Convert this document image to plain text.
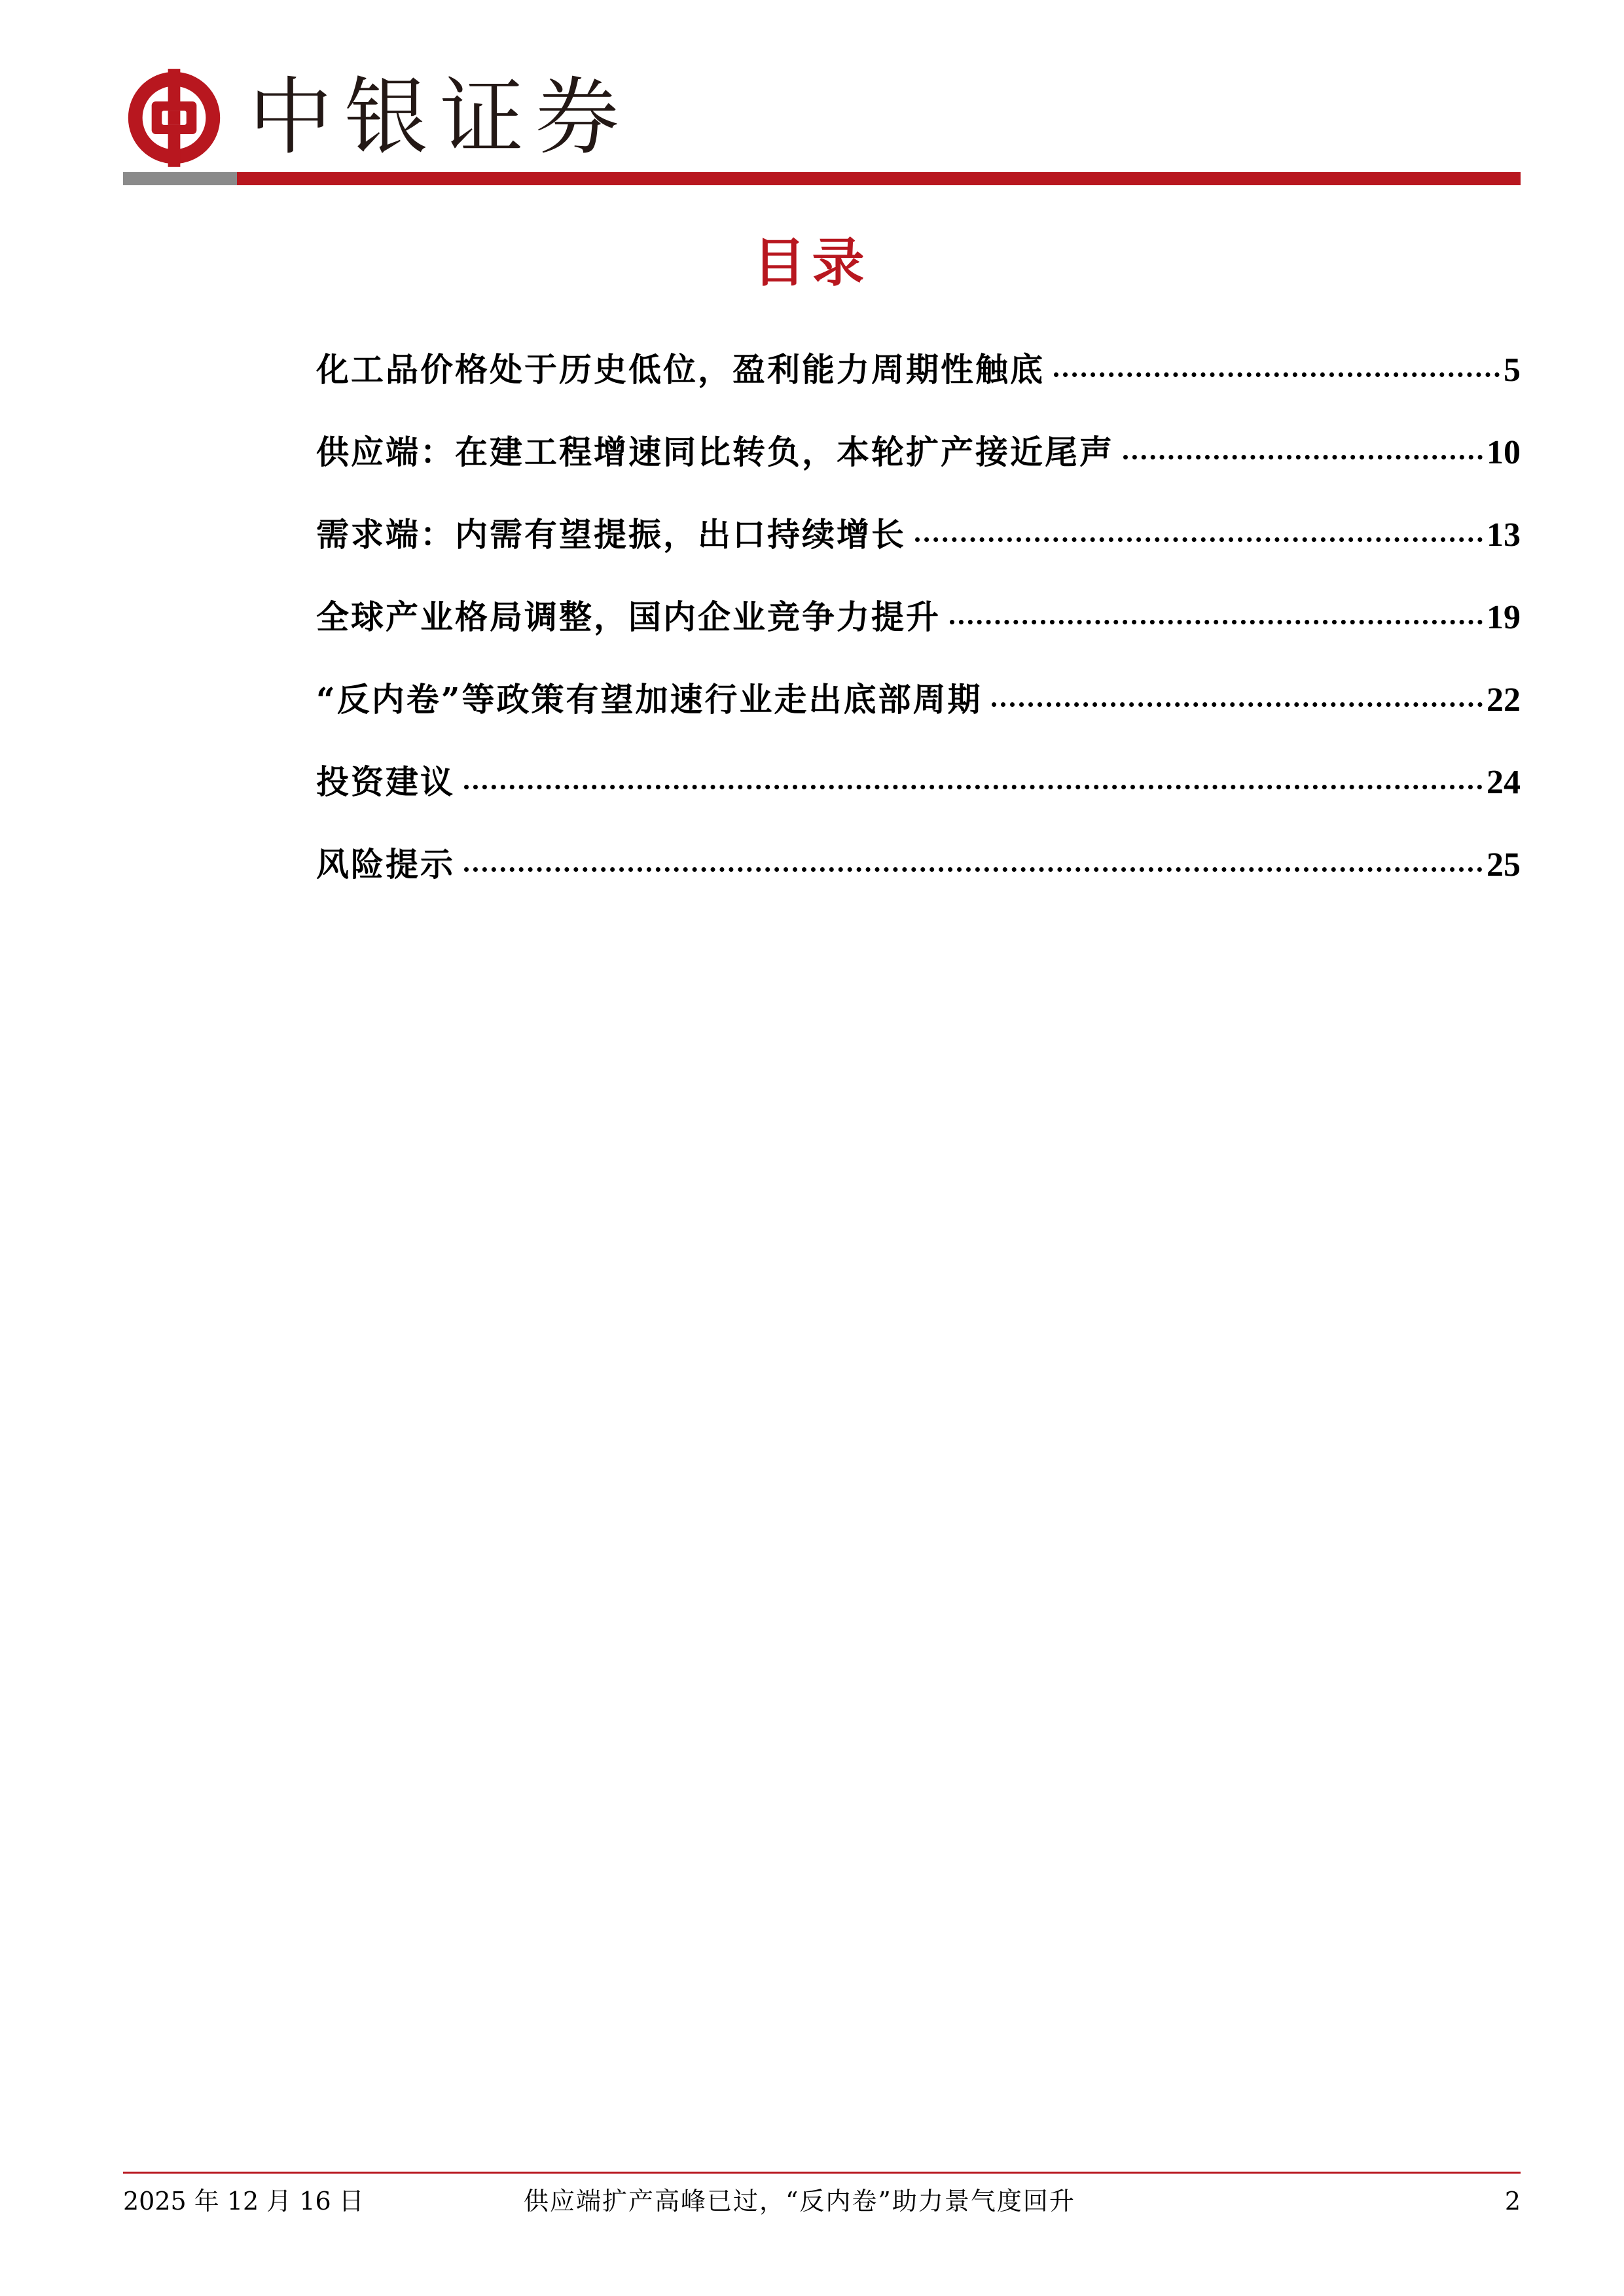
中银证券
目录
化工品价格处于历史低位，盈利能力周期性触底	5
供应端：在建工程增速同比转负，本轮扩产接近尾声	10
需求端：内需有望提振，出口持续增长	13
全球产业格局调整，国内企业竞争力提升	19
“反内卷”等政策有望加速行业走出底部周期	22
投资建议	24
风险提示	25
2025 年 12 月 16 日	供应端扩产高峰已过，“反内卷”助力景气度回升	2
